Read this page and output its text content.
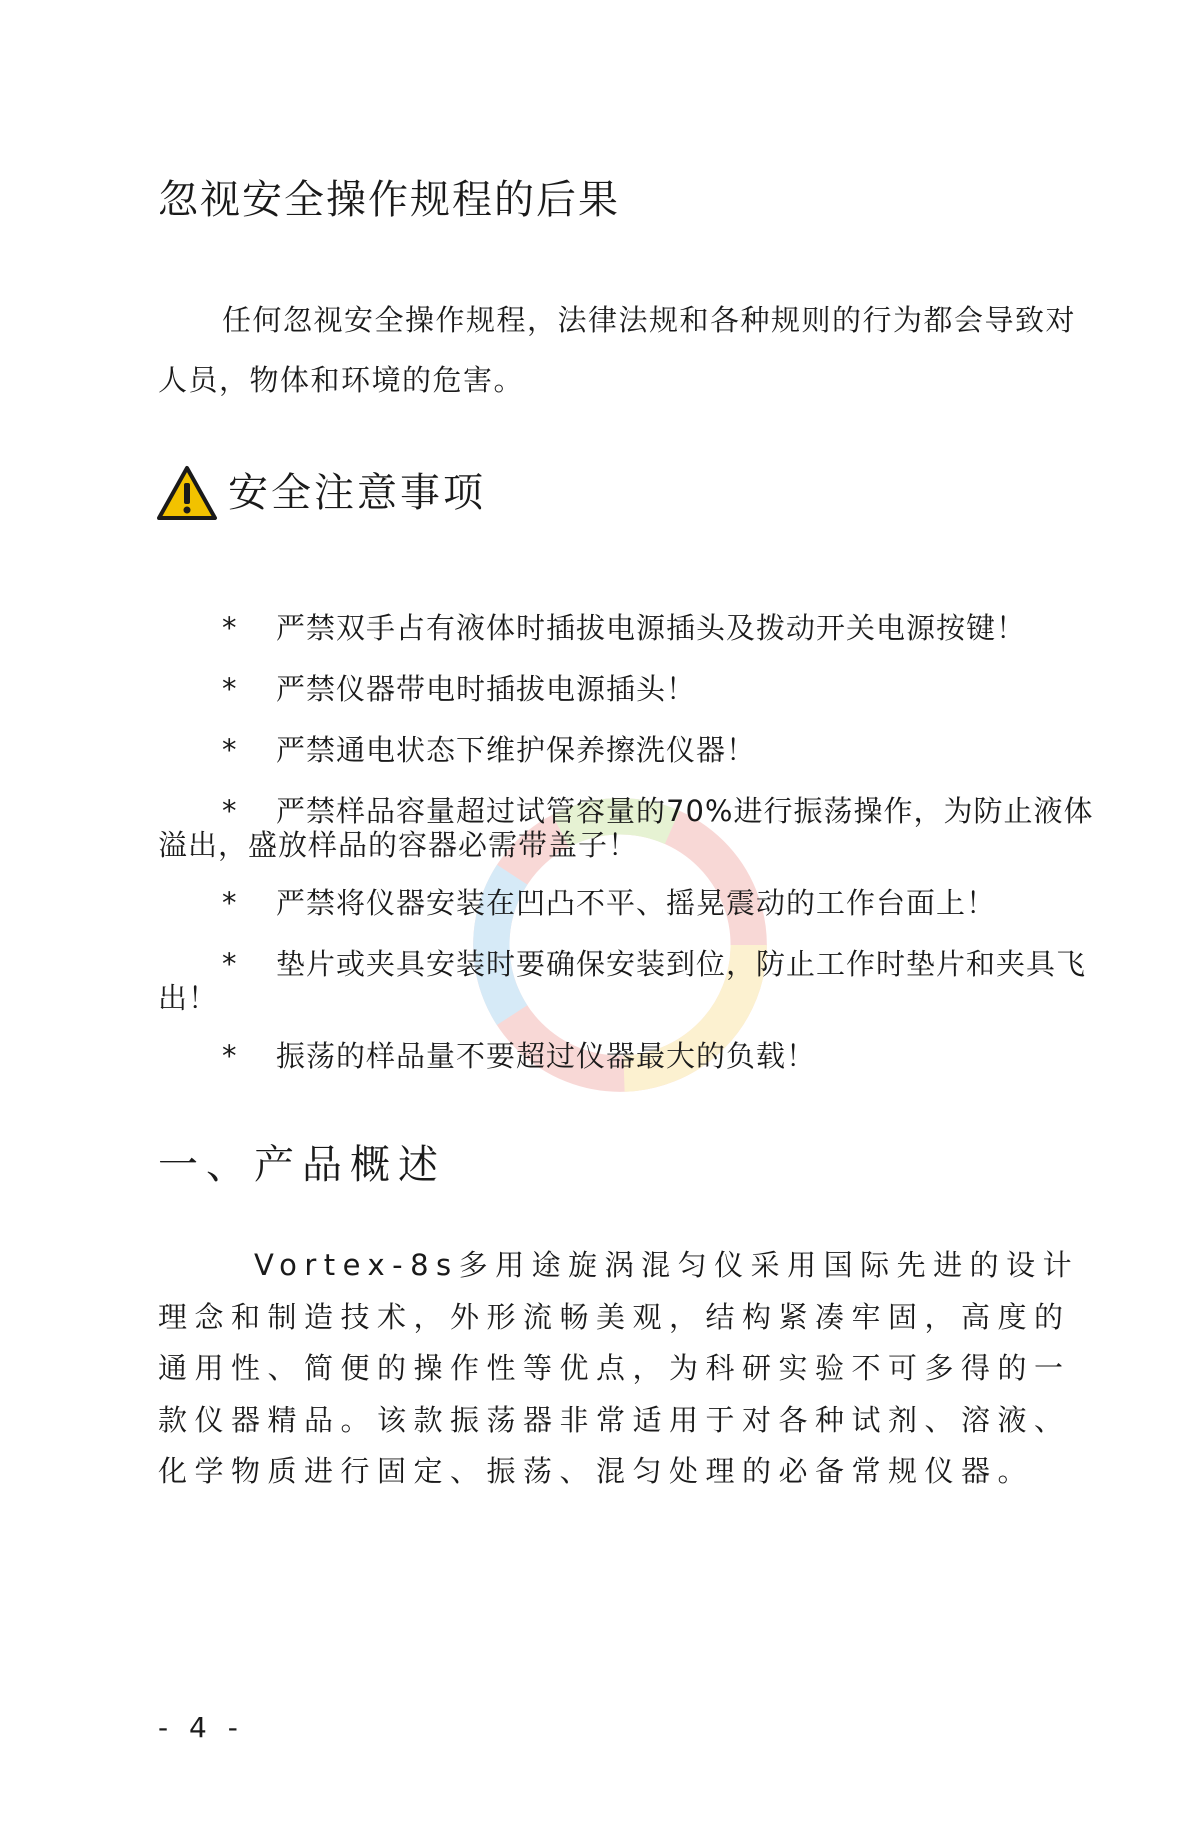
忽视安全操作规程的后果
任何忽视安全操作规程，法律法规和各种规则的行为都会导致对人员，物体和环境的危害。
安全注意事项
* 严禁双手占有液体时插拔电源插头及拨动开关电源按键！
* 严禁仪器带电时插拔电源插头！
* 严禁通电状态下维护保养擦洗仪器！
* 严禁样品容量超过试管容量的70%进行振荡操作，为防止液体溢出，盛放样品的容器必需带盖子！
* 严禁将仪器安装在凹凸不平、摇晃震动的工作台面上！
* 垫片或夹具安装时要确保安装到位，防止工作时垫片和夹具飞出！
* 振荡的样品量不要超过仪器最大的负载！
一、产品概述
Vortex-8s多用途旋涡混匀仪采用国际先进的设计理念和制造技术，外形流畅美观，结构紧凑牢固，高度的通用性、简便的操作性等优点，为科研实验不可多得的一款仪器精品。该款振荡器非常适用于对各种试剂、溶液、化学物质进行固定、振荡、混匀处理的必备常规仪器。
- 4 -
